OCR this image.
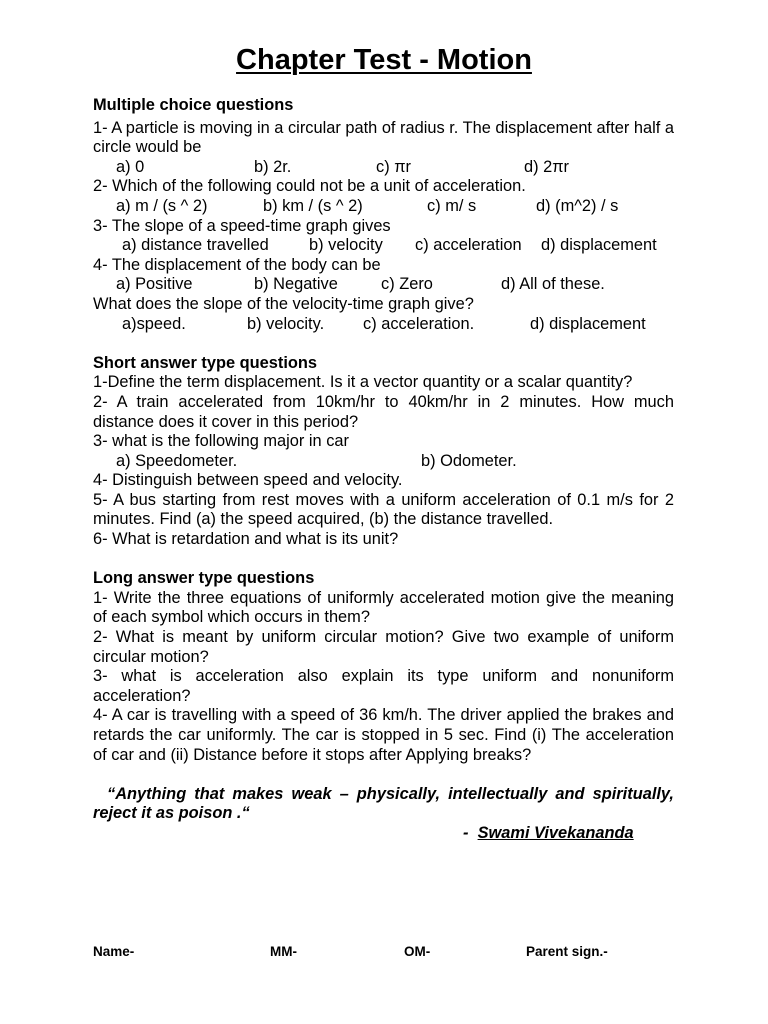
Chapter Test - Motion

Multiple choice questions

1- A particle is moving in a circular path of radius r. The displacement after half a circle would be

a) 0	b) 2r.	c) πr	d) 2πr

2- Which of the following could not be a unit of acceleration.

a) m / (s ^ 2)	b) km / (s ^ 2)	c) m/ s	d) (m^2) / s

3- The slope of a speed-time graph gives

a) distance travelled	b) velocity	c) acceleration	d) displacement

4- The displacement of the body can be

a) Positive	b) Negative	c) Zero	d) All of these.

What does the slope of the velocity-time graph give?

a)speed.	b) velocity.	c) acceleration.	d) displacement

Short answer type questions

1-Define the term displacement. Is it a vector quantity or a scalar quantity?

2- A train accelerated from 10km/hr to 40km/hr in 2 minutes. How much distance does it cover in this period?

3- what is the following major in car

a) Speedometer.	b) Odometer.

4- Distinguish between speed and velocity.

5- A bus starting from rest moves with a uniform acceleration of 0.1 m/s for 2 minutes. Find (a) the speed acquired, (b) the distance travelled.

6- What is retardation and what is its unit?

Long answer type questions

1- Write the three equations of uniformly accelerated motion give the meaning of each symbol which occurs in them?

2- What is meant by uniform circular motion? Give two example of uniform circular motion?

3- what is acceleration also explain its type uniform and nonuniform acceleration?

4- A car is travelling with a speed of 36 km/h. The driver applied the brakes and retards the car uniformly. The car is stopped in 5 sec. Find (i) The acceleration of car and (ii) Distance before it stops after Applying breaks?

“Anything that makes weak – physically, intellectually and spiritually, reject it as poison .“

- Swami Vivekananda

Name-	MM-	OM-	Parent sign.-
